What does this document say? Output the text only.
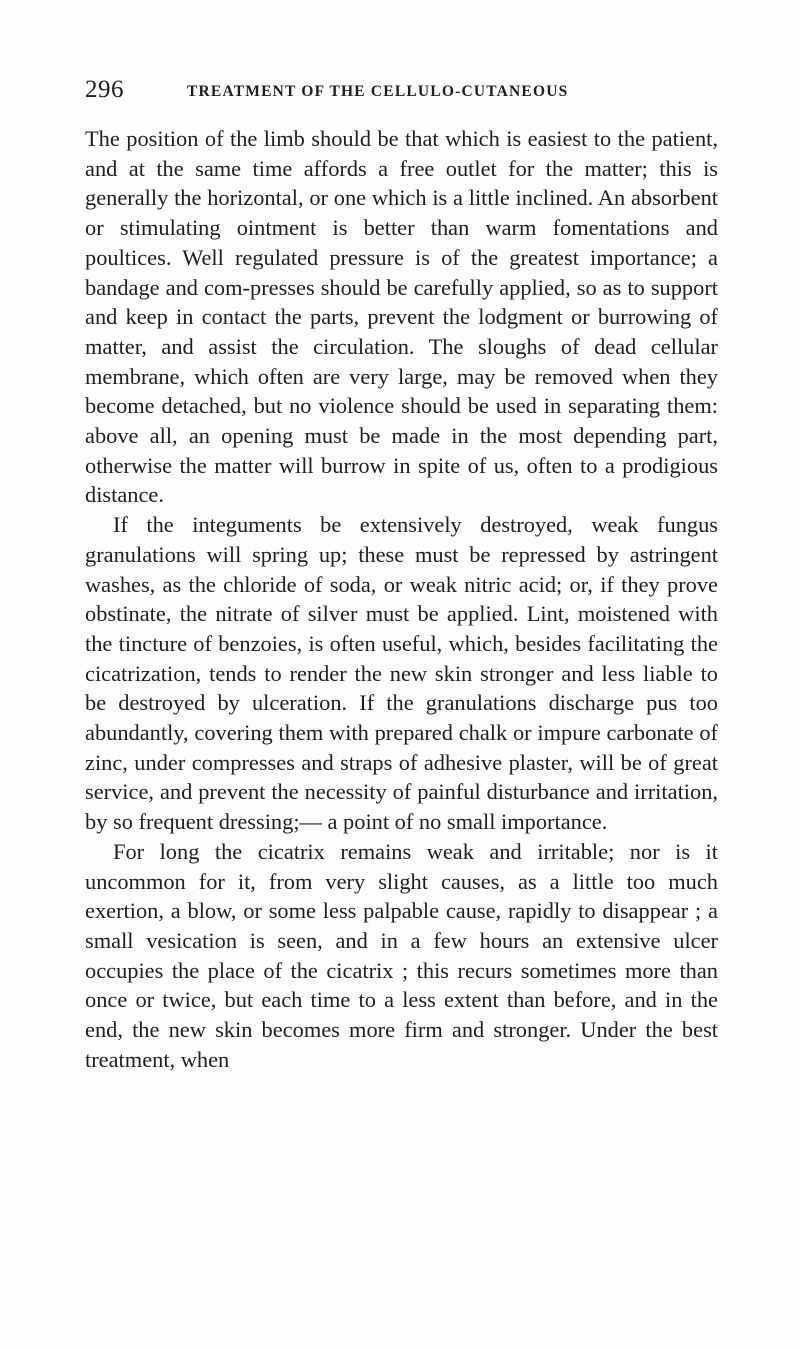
296	TREATMENT OF THE CELLULO-CUTANEOUS

The position of the limb should be that which is easiest to the patient, and at the same time affords a free outlet for the matter; this is generally the horizontal, or one which is a little inclined. An absorbent or stimulating ointment is better than warm fomentations and poultices. Well regulated pressure is of the greatest importance; a bandage and com-presses should be carefully applied, so as to support and keep in contact the parts, prevent the lodgment or burrowing of matter, and assist the circulation. The sloughs of dead cellular membrane, which often are very large, may be removed when they become detached, but no violence should be used in separating them: above all, an opening must be made in the most depending part, otherwise the matter will burrow in spite of us, often to a prodigious distance.

If the integuments be extensively destroyed, weak fungus granulations will spring up; these must be repressed by astringent washes, as the chloride of soda, or weak nitric acid; or, if they prove obstinate, the nitrate of silver must be applied. Lint, moistened with the tincture of benzoies, is often useful, which, besides facilitating the cicatrization, tends to render the new skin stronger and less liable to be destroyed by ulceration. If the granulations discharge pus too abundantly, covering them with prepared chalk or impure carbonate of zinc, under compresses and straps of adhesive plaster, will be of great service, and prevent the necessity of painful disturbance and irritation, by so frequent dressing;— a point of no small importance.

For long the cicatrix remains weak and irritable; nor is it uncommon for it, from very slight causes, as a little too much exertion, a blow, or some less palpable cause, rapidly to disappear ; a small vesication is seen, and in a few hours an extensive ulcer occupies the place of the cicatrix ; this recurs sometimes more than once or twice, but each time to a less extent than before, and in the end, the new skin becomes more firm and stronger. Under the best treatment, when
